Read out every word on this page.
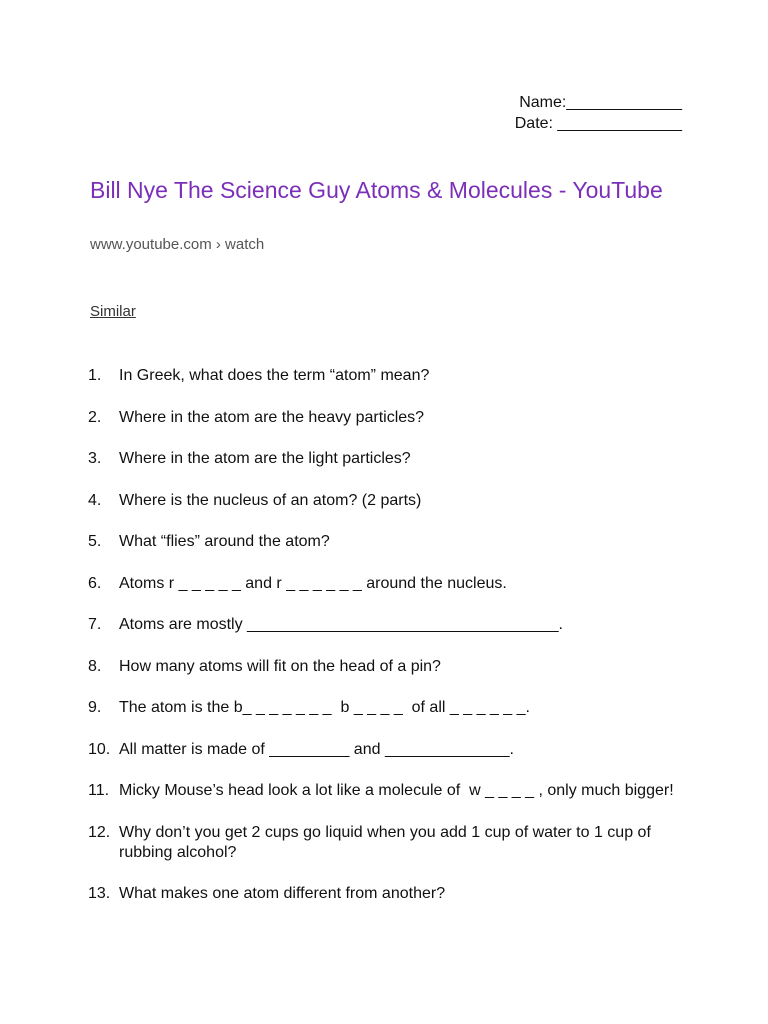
Name:_____________
Date: ______________
Bill Nye The Science Guy Atoms & Molecules - YouTube
www.youtube.com › watch
Similar
1.	In Greek, what does the term “atom” mean?
2.	Where in the atom are the heavy particles?
3.	Where in the atom are the light particles?
4.	Where is the nucleus of an atom? (2 parts)
5.	What “flies” around the atom?
6.	Atoms r _ _ _ _ _ and r _ _ _ _ _ _ around the nucleus.
7.	Atoms are mostly ___________________________________.
8.	How many atoms will fit on the head of a pin?
9.	The atom is the b_ _ _ _ _ _ _  b _ _ _ _  of all _ _ _ _ _ _.
10. All matter is made of _________ and ______________.
11. Micky Mouse’s head look a lot like a molecule of  w _ _ _ _ , only much bigger!
12. Why don’t you get 2 cups go liquid when you add 1 cup of water to 1 cup of rubbing alcohol?
13. What makes one atom different from another?
